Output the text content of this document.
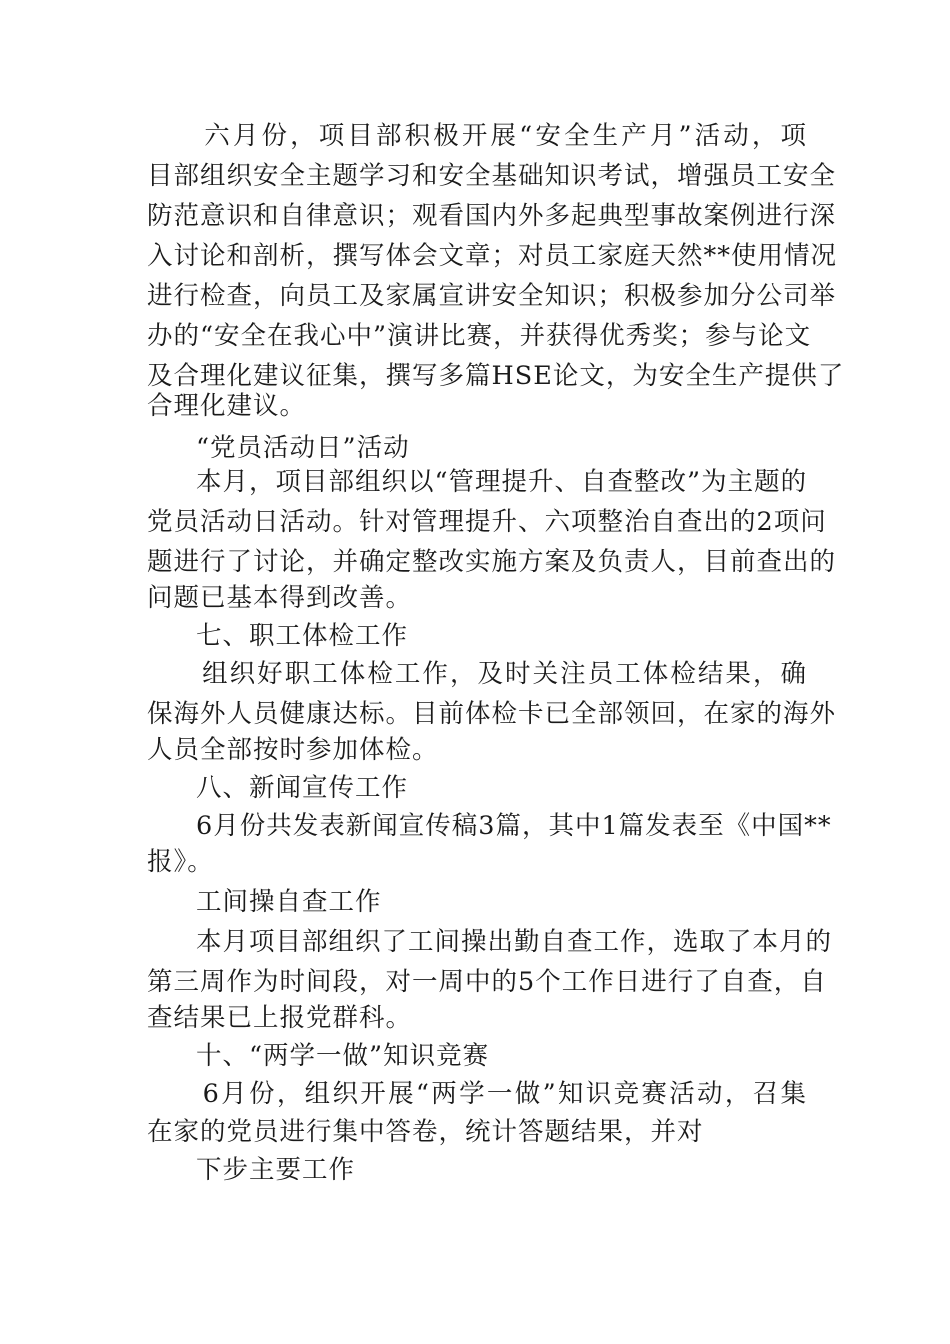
　　六月份，项目部积极开展“安全生产月”活动，项
目部组织安全主题学习和安全基础知识考试，增强员工安全
防范意识和自律意识；观看国内外多起典型事故案例进行深
入讨论和剖析，撰写体会文章；对员工家庭天然**使用情况
进行检查，向员工及家属宣讲安全知识；积极参加分公司举
办的“安全在我心中”演讲比赛，并获得优秀奖；参与论文
及合理化建议征集，撰写多篇HSE论文，为安全生产提供了
合理化建议。
“党员活动日”活动
本月，项目部组织以“管理提升、自查整改”为主题的
党员活动日活动。针对管理提升、六项整治自查出的2项问
题进行了讨论，并确定整改实施方案及负责人，目前查出的
问题已基本得到改善。
七、职工体检工作
　　组织好职工体检工作，及时关注员工体检结果，确
保海外人员健康达标。目前体检卡已全部领回，在家的海外
人员全部按时参加体检。
八、新闻宣传工作
6月份共发表新闻宣传稿3篇，其中1篇发表至《中国**
报》。
工间操自查工作
本月项目部组织了工间操出勤自查工作，选取了本月的
第三周作为时间段，对一周中的5个工作日进行了自查，自
查结果已上报党群科。
十、“两学一做”知识竞赛
　　6月份，组织开展“两学一做”知识竞赛活动，召集
在家的党员进行集中答卷，统计答题结果，并对
下步主要工作
